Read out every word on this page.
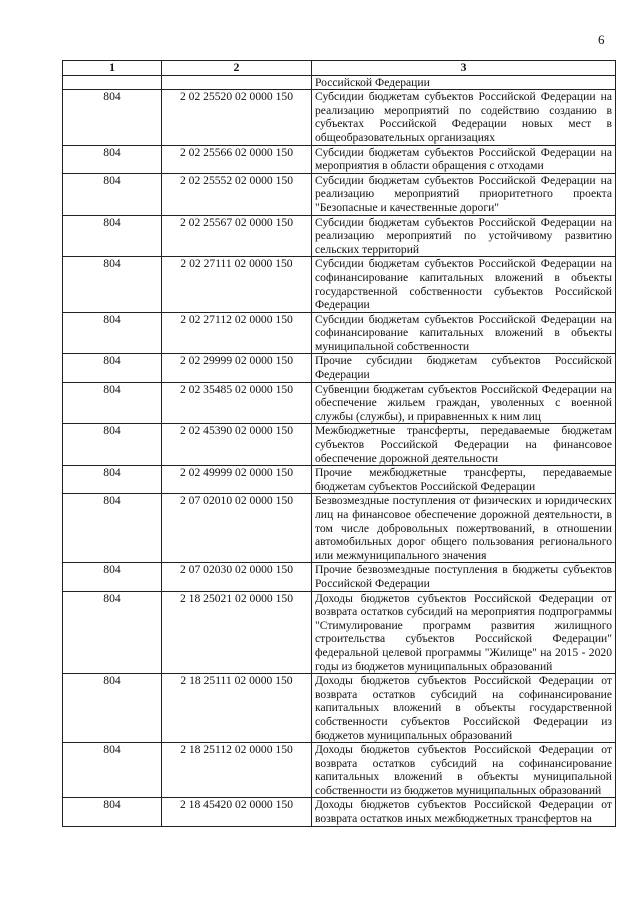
6
1	2	3
		Российской Федерации
804	2 02 25520 02 0000 150	Субсидии бюджетам субъектов Российской Федерации на реализацию мероприятий по содействию созданию в субъектах Российской Федерации новых мест в общеобразовательных организациях
804	2 02 25566 02 0000 150	Субсидии бюджетам субъектов Российской Федерации на мероприятия в области обращения с отходами
804	2 02 25552 02 0000 150	Субсидии бюджетам субъектов Российской Федерации на реализацию мероприятий приоритетного проекта "Безопасные и качественные дороги"
804	2 02 25567 02 0000 150	Субсидии бюджетам субъектов Российской Федерации на реализацию мероприятий по устойчивому развитию сельских территорий
804	2 02 27111 02 0000 150	Субсидии бюджетам субъектов Российской Федерации на софинансирование капитальных вложений в объекты государственной собственности субъектов Российской Федерации
804	2 02 27112 02 0000 150	Субсидии бюджетам субъектов Российской Федерации на софинансирование капитальных вложений в объекты муниципальной собственности
804	2 02 29999 02 0000 150	Прочие субсидии бюджетам субъектов Российской Федерации
804	2 02 35485 02 0000 150	Субвенции бюджетам субъектов Российской Федерации на обеспечение жильем граждан, уволенных с военной службы (службы), и приравненных к ним лиц
804	2 02 45390 02 0000 150	Межбюджетные трансферты, передаваемые бюджетам субъектов Российской Федерации на финансовое обеспечение дорожной деятельности
804	2 02 49999 02 0000 150	Прочие межбюджетные трансферты, передаваемые бюджетам субъектов Российской Федерации
804	2 07 02010 02 0000 150	Безвозмездные поступления от физических и юридических лиц на финансовое обеспечение дорожной деятельности, в том числе добровольных пожертвований, в отношении автомобильных дорог общего пользования регионального или межмуниципального значения
804	2 07 02030 02 0000 150	Прочие безвозмездные поступления в бюджеты субъектов Российской Федерации
804	2 18 25021 02 0000 150	Доходы бюджетов субъектов Российской Федерации от возврата остатков субсидий на мероприятия подпрограммы "Стимулирование программ развития жилищного строительства субъектов Российской Федерации" федеральной целевой программы "Жилище" на 2015 - 2020 годы из бюджетов муниципальных образований
804	2 18 25111 02 0000 150	Доходы бюджетов субъектов Российской Федерации от возврата остатков субсидий на софинансирование капитальных вложений в объекты государственной собственности субъектов Российской Федерации из бюджетов муниципальных образований
804	2 18 25112 02 0000 150	Доходы бюджетов субъектов Российской Федерации от возврата остатков субсидий на софинансирование капитальных вложений в объекты муниципальной собственности из бюджетов муниципальных образований
804	2 18 45420 02 0000 150	Доходы бюджетов субъектов Российской Федерации от возврата остатков иных межбюджетных трансфертов на
